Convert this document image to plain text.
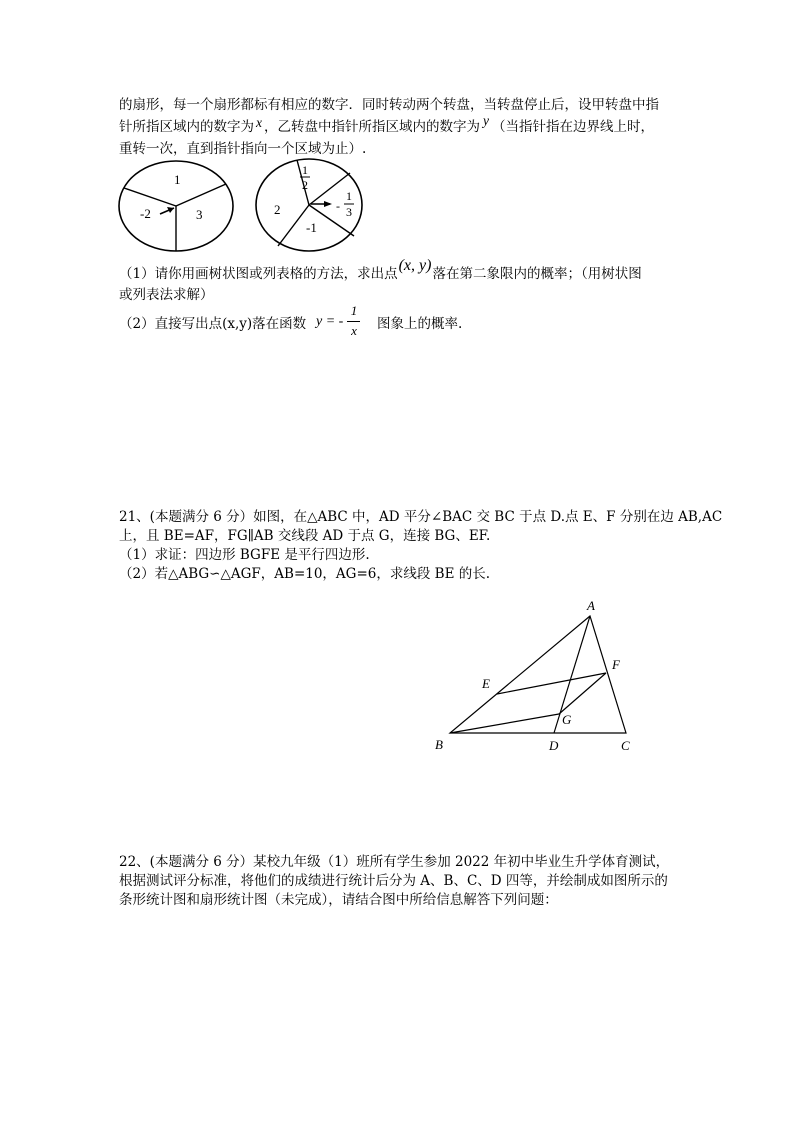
的扇形，每一个扇形都标有相应的数字．同时转动两个转盘，当转盘停止后，设甲转盘中指
针所指区域内的数字为 x ，乙转盘中指针所指区域内的数字为 y （当指针指在边界线上时，
重转一次，直到指针指向一个区域为止）.
1
-2	3	2
-1
1
2
-
1
3
（1）请你用画树状图或列表格的方法，求出点(x, y)落在第二象限内的概率；（用树状图
或列表法求解）
（2）直接写出点(x,y)落在函数 y = -
1
x 图象上的概率.
21、(本题满分 6 分）如图，在△ABC 中，AD 平分∠BAC 交 BC 于点 D.点 E、F 分别在边 AB,AC
上，且 BE=AF，FG∥AB 交线段 AD 于点 G，连接 BG、EF.
（1）求证：四边形 BGFE 是平行四边形.
（2）若△ABG∽△AGF，AB=10，AG=6，求线段 BE 的长.
A
B	C
D
E
F
G
22、(本题满分 6 分）某校九年级（1）班所有学生参加 2022 年初中毕业生升学体育测试，
根据测试评分标准，将他们的成绩进行统计后分为 A、B、C、D 四等，并绘制成如图所示的
条形统计图和扇形统计图（未完成），请结合图中所给信息解答下列问题：
